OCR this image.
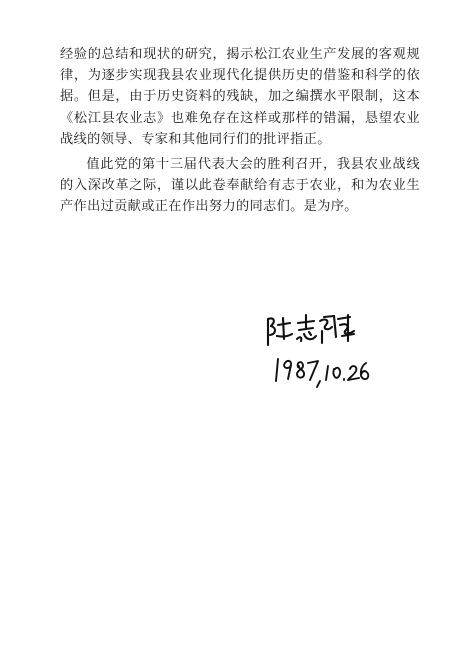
经验的总结和现状的研究，揭示松江农业生产发展的客观规律，为逐步实现我县农业现代化提供历史的借鉴和科学的依据。但是，由于历史资料的残缺，加之编撰水平限制，这本《松江县农业志》也难免存在这样或那样的错漏，恳望农业战线的领导、专家和其他同行们的批评指正。

值此党的第十三届代表大会的胜利召开，我县农业战线的入深改革之际，谨以此卷奉献给有志于农业，和为农业生产作出过贡献或正在作出努力的同志们。是为序。
